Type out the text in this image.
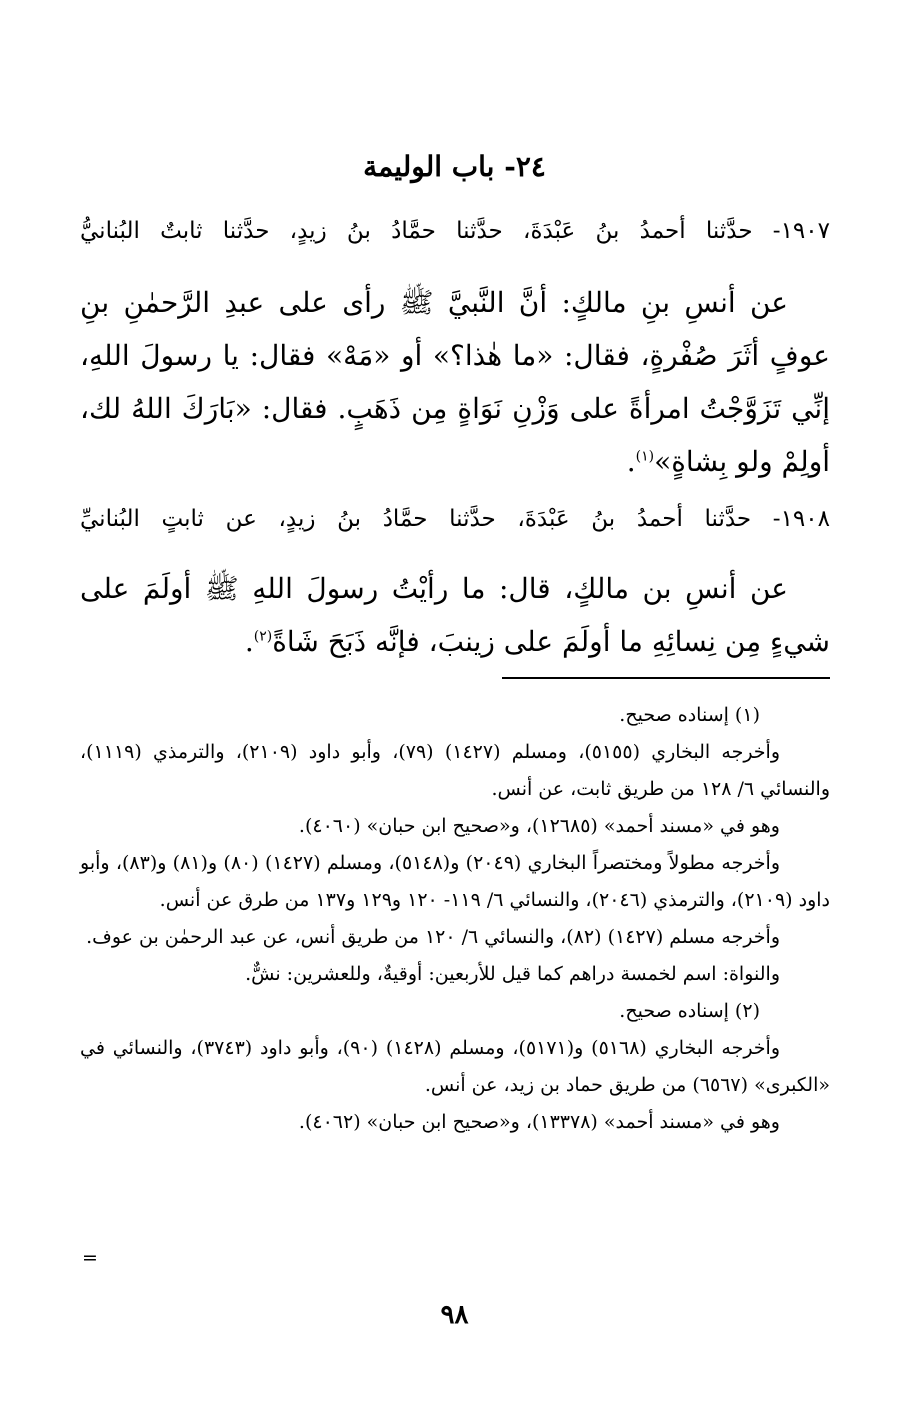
٢٤- باب الوليمة
١٩٠٧- حدَّثنا أحمدُ بنُ عَبْدَةَ، حدَّثنا حمَّادُ بنُ زيدٍ، حدَّثنا ثابتٌ البُنانيُّ

عن أنسِ بنِ مالكٍ: أنَّ النَّبيَّ ﷺ رأى على عبدِ الرَّحمٰنِ بنِ عوفٍ أثَرَ صُفْرةٍ، فقال: «ما هٰذا؟» أو «مَهْ» فقال: يا رسولَ اللهِ، إنِّي تَزَوَّجْتُ امرأةً على وَزْنِ نَوَاةٍ مِن ذَهَبٍ. فقال: «بَارَكَ اللهُ لك، أولِمْ ولو بِشاةٍ»$^{(١)}$.

١٩٠٨- حدَّثنا أحمدُ بنُ عَبْدَةَ، حدَّثنا حمَّادُ بنُ زيدٍ، عن ثابتٍ البُنانيِّ

عن أنسِ بن مالكٍ، قال: ما رأيْتُ رسولَ اللهِ ﷺ أولَمَ على شيءٍ مِن نِسائِهِ ما أولَمَ على زينبَ، فإنَّه ذَبَحَ شَاةً$^{(٢)}$.

(١) إسناده صحيح.

وأخرجه البخاري (٥١٥٥)، ومسلم (١٤٢٧) (٧٩)، وأبو داود (٢١٠٩)، والترمذي (١١١٩)، والنسائي ٦/ ١٢٨ من طريق ثابت، عن أنس.

وهو في «مسند أحمد» (١٢٦٨٥)، و«صحيح ابن حبان» (٤٠٦٠).

وأخرجه مطولاً ومختصراً البخاري (٢٠٤٩) و(٥١٤٨)، ومسلم (١٤٢٧) (٨٠) و(٨١) و(٨٣)، وأبو داود (٢١٠٩)، والترمذي (٢٠٤٦)، والنسائي ٦/ ١١٩- ١٢٠ و١٢٩ و١٣٧ من طرق عن أنس.

وأخرجه مسلم (١٤٢٧) (٨٢)، والنسائي ٦/ ١٢٠ من طريق أنس، عن عبد الرحمٰن بن عوف.

والنواة: اسم لخمسة دراهم كما قيل للأربعين: أوقيةٌ، وللعشرين: نشٌّ.

(٢) إسناده صحيح.

وأخرجه البخاري (٥١٦٨) و(٥١٧١)، ومسلم (١٤٢٨) (٩٠)، وأبو داود (٣٧٤٣)، والنسائي في «الكبرى» (٦٥٦٧) من طريق حماد بن زيد، عن أنس.

وهو في «مسند أحمد» (١٣٣٧٨)، و«صحيح ابن حبان» (٤٠٦٢).

=
٩٨
